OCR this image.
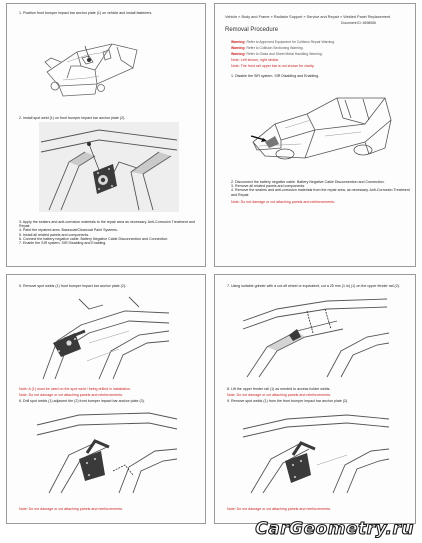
1. Position front bumper impact bar anchor plate (1) on vehicle and install fasteners.
2. Install spot weld (1) on front bumper impact bar anchor plate (2).
3. Apply the sealers and anti-corrosion materials to the repair area as necessary. Anti-Corrosion Treatment and Repair.
4. Paint the repaired area. Basecoat/Clearcoat Paint Systems.
5. Install all related panels and components.
6. Connect the battery negative cable. Battery Negative Cable Disconnection and Connection.
7. Enable the SIR system. SIR Disabling and Enabling.
Vehicle » Body and Frame » Radiator Support » Service and Repair » Welded Panel Replacement
Document ID: 4698066
Removal Procedure
Warning: Refer to Approved Equipment for Collision Repair Warning.
Warning: Refer to Collision Sectioning Warning.
Warning: Refer to Glass and Sheet Metal Handling Warning.
Note: Left shown, right similar.
Note: The front rail upper bar is not shown for clarity.
1. Disable the SIR system. SIR Disabling and Enabling.
2. Disconnect the battery negative cable. Battery Negative Cable Disconnection and Connection.
3. Remove all related panels and components.
4. Remove the sealers and anti-corrosion materials from the repair area, as necessary. Anti-Corrosion Treatment and Repair.
Note: Do not damage or cut attaching panels and reinforcements.
5. Remove spot welds (1) front bumper impact bar anchor plate (2).
Note: A (1) must be used on the spot weld / being drilled in installation.
Note: Do not damage or cut attaching panels and reinforcements.
6. Drill spot welds (1) adjacent the (2) front bumper impact bar anchor plate (3).
Note: Do not damage or cut attaching panels and reinforcements.
7. Using suitable grinder with a cut-off wheel or equivalent, cut a 25 mm (1 in) (1) on the upper fender rail (2).
8. Lift the upper fender rail (1) as needed to access holder welds.
Note: Do not damage or cut attaching panels and reinforcements.
9. Remove spot welds (1) from the front bumper impact bar anchor plate (2).
Note: Do not damage or cut attaching panels and reinforcements.
CarGeometry.ru
